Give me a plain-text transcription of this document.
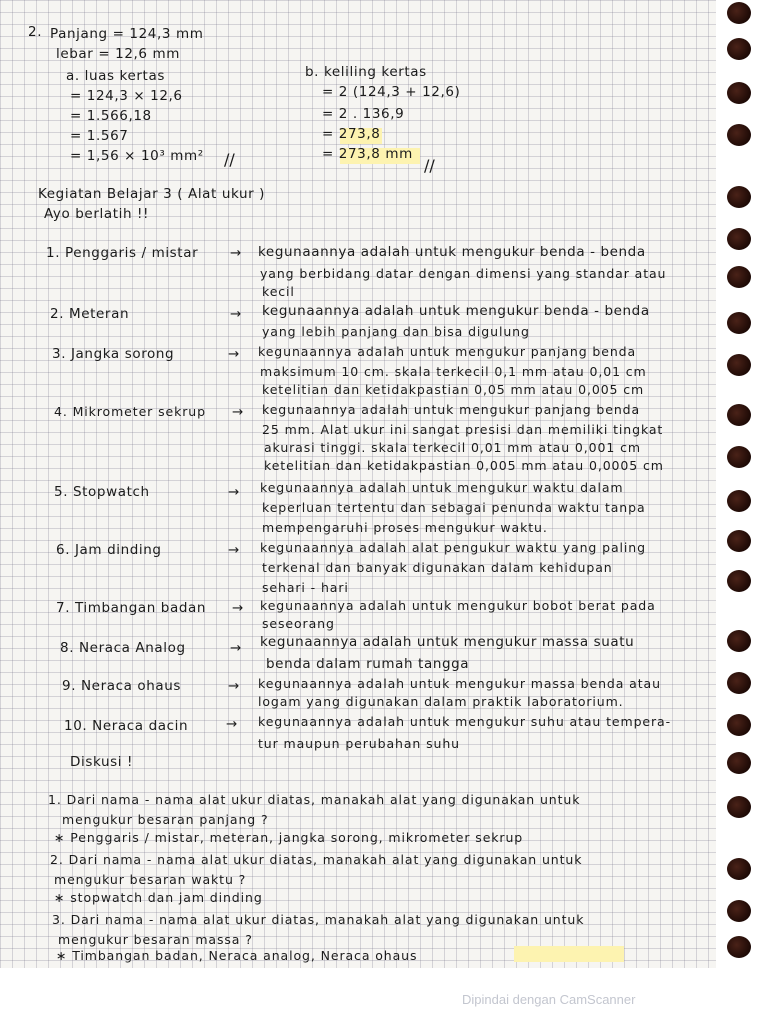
2. Panjang = 124,3 mm
lebar = 12,6 mm
a. luas kertas
= 124,3 × 12,6
= 1.566,18
= 1.567
= 1,56 × 10³ mm² //
b. keliling kertas
= 2 (124,3 + 12,6)
= 2 . 136,9
= 273,8
= 273,8 mm
//
Kegiatan Belajar 3 ( Alat ukur )
Ayo berlatih !!
1. Penggaris / mistar → kegunaannya adalah untuk mengukur benda - benda
yang berbidang datar dengan dimensi yang standar atau
kecil
2. Meteran	→ kegunaannya adalah untuk mengukur benda - benda
yang lebih panjang dan bisa digulung
3. Jangka sorong	→ kegunaannya adalah untuk mengukur panjang benda
maksimum 10 cm. skala terkecil 0,1 mm atau 0,01 cm
ketelitian dan ketidakpastian 0,05 mm atau 0,005 cm
4. Mikrometer sekrup → kegunaannya adalah untuk mengukur panjang benda
25 mm. Alat ukur ini sangat presisi dan memiliki tingkat
akurasi tinggi. skala terkecil 0,01 mm atau 0,001 cm
ketelitian dan ketidakpastian 0,005 mm atau 0,0005 cm
5. Stopwatch	→ kegunaannya adalah untuk mengukur waktu dalam
keperluan tertentu dan sebagai penunda waktu tanpa
mempengaruhi proses mengukur waktu.
6. Jam dinding	→ kegunaannya adalah alat pengukur waktu yang paling
terkenal dan banyak digunakan dalam kehidupan
sehari - hari
7. Timbangan badan → kegunaannya adalah untuk mengukur bobot berat pada
seseorang
8. Neraca Analog	→ kegunaannya adalah untuk mengukur massa suatu
benda dalam rumah tangga
9. Neraca ohaus	→ kegunaannya adalah untuk mengukur massa benda atau
logam yang digunakan dalam praktik laboratorium.
10. Neraca dacin	→ kegunaannya adalah untuk mengukur suhu atau tempera-
tur maupun perubahan suhu
Diskusi !
1. Dari nama - nama alat ukur diatas, manakah alat yang digunakan untuk
mengukur besaran panjang ?
∗ Penggaris / mistar, meteran, jangka sorong, mikrometer sekrup
2. Dari nama - nama alat ukur diatas, manakah alat yang digunakan untuk
mengukur besaran waktu ?
∗ stopwatch dan jam dinding
3. Dari nama - nama alat ukur diatas, manakah alat yang digunakan untuk
mengukur besaran massa ?
∗ Timbangan badan, Neraca analog, Neraca ohaus
Dipindai dengan CamScanner
